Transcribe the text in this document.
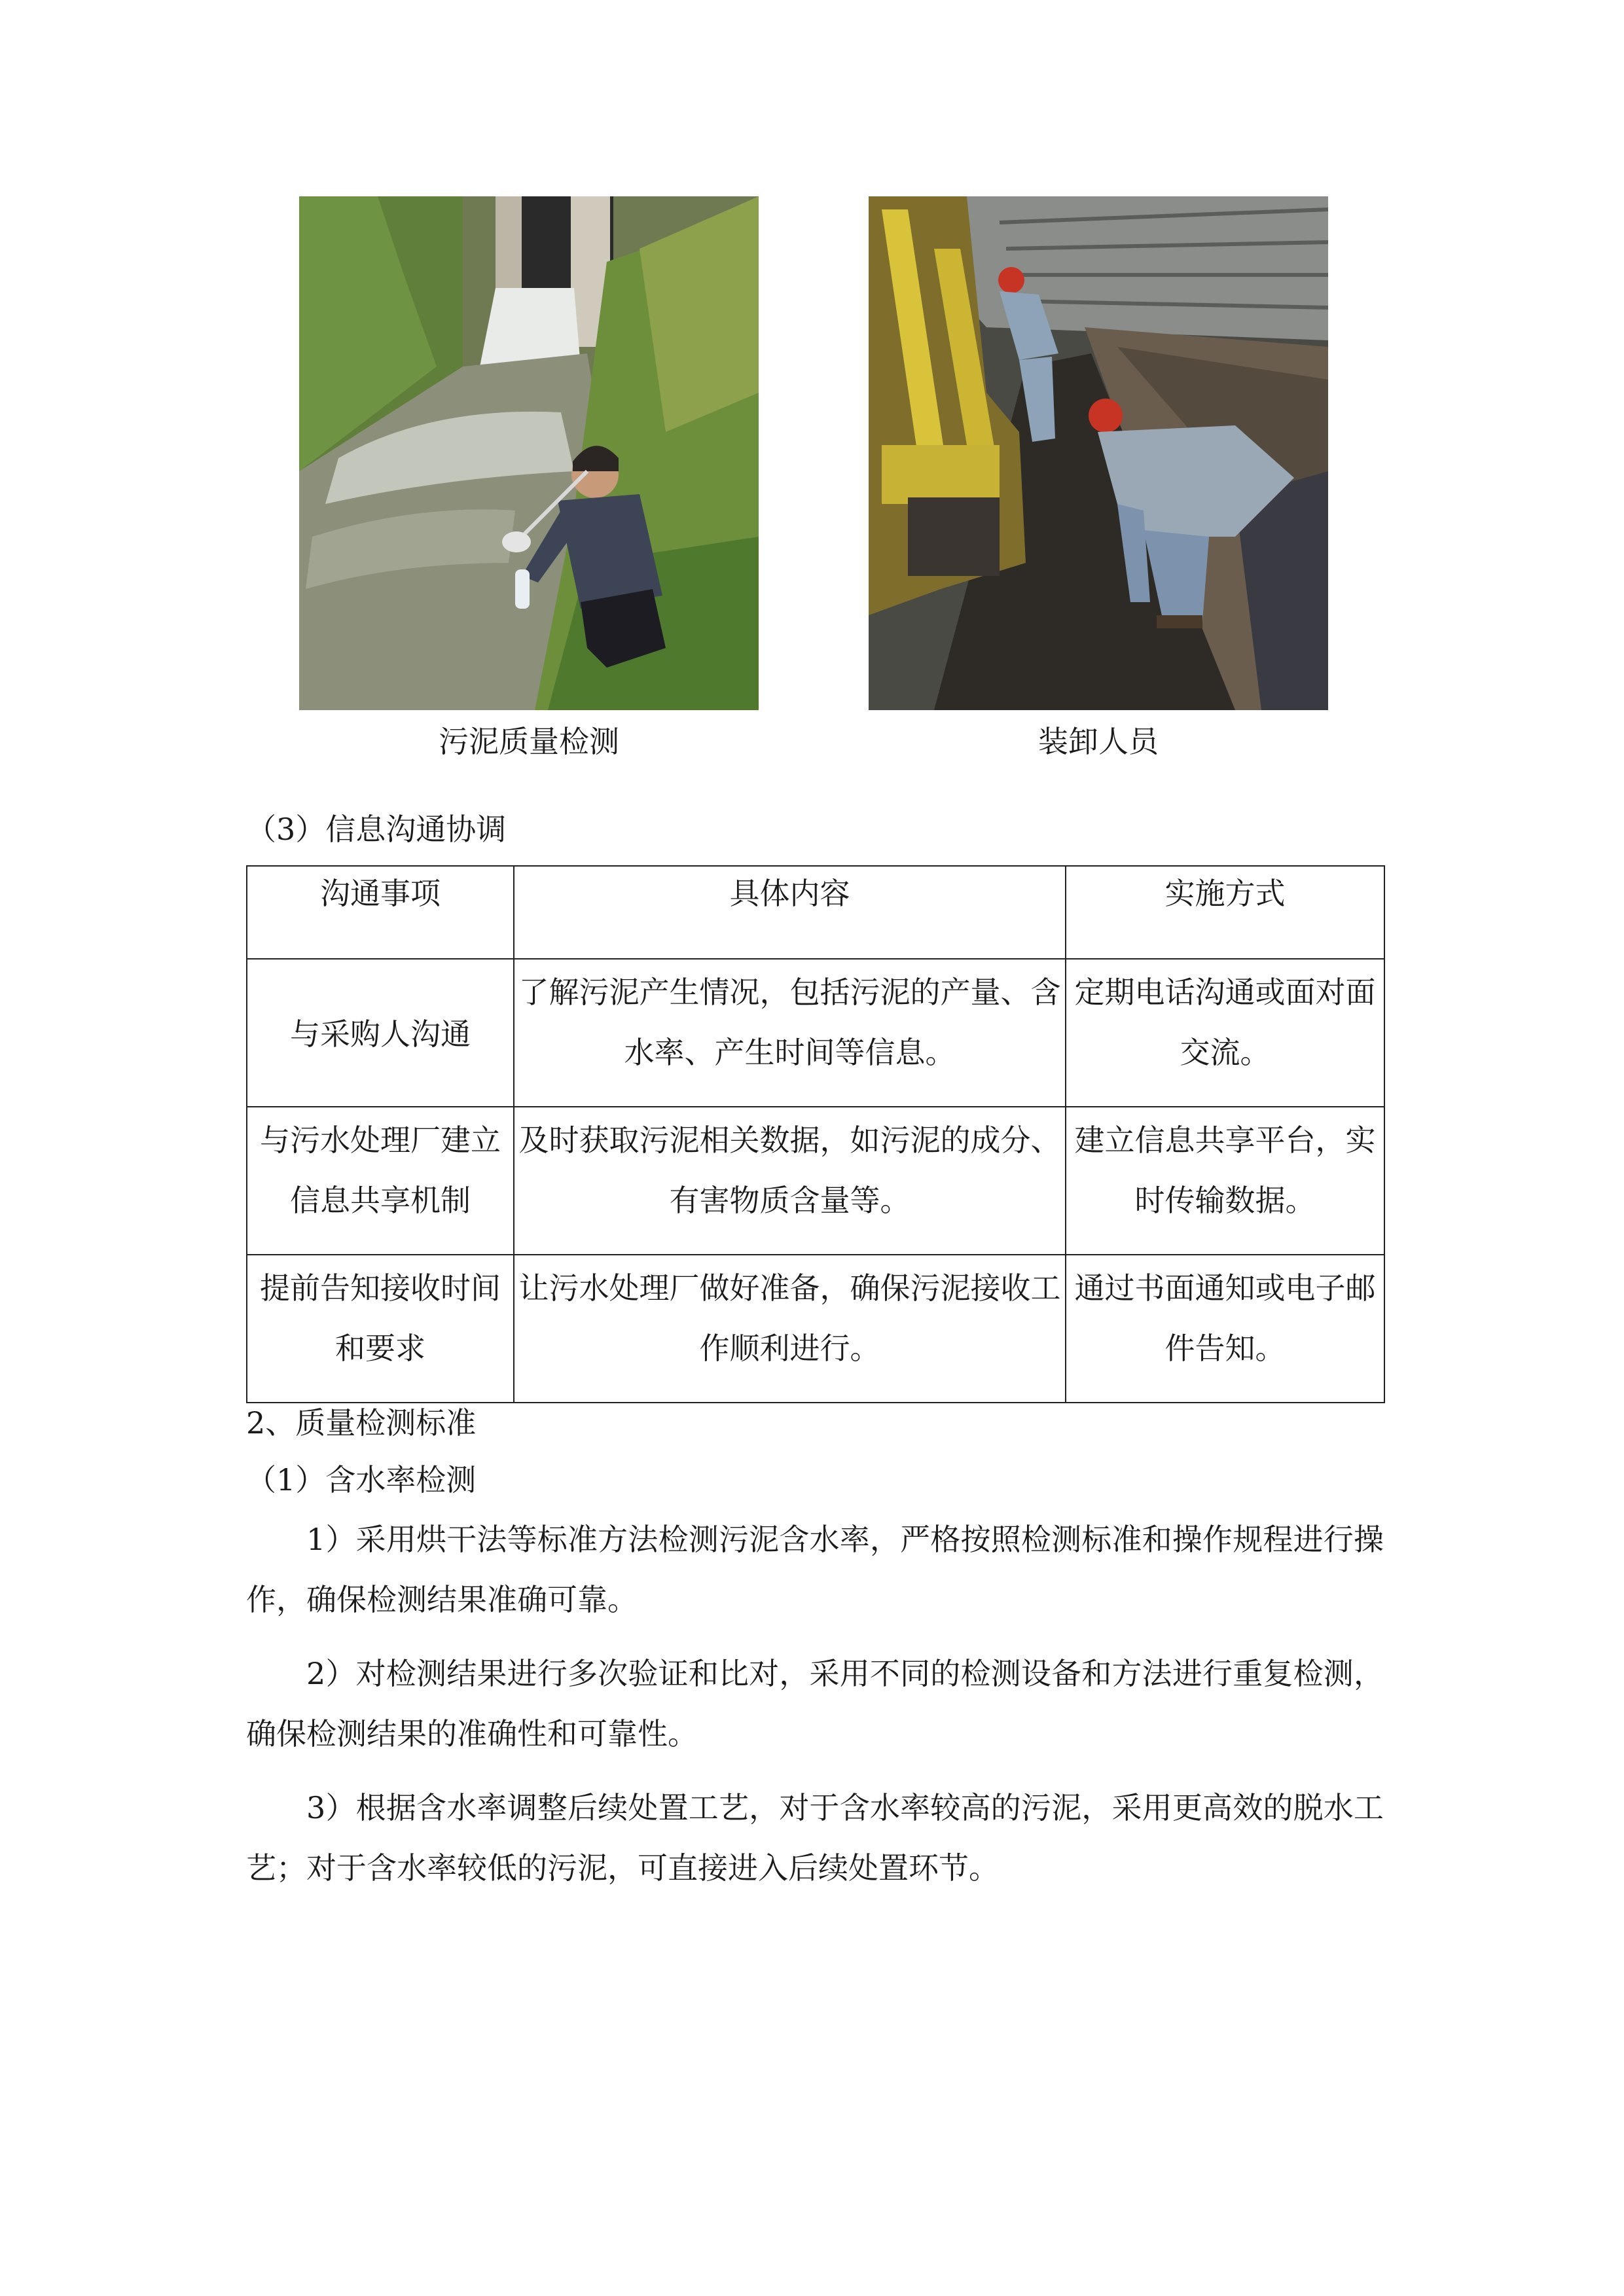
污泥质量检测	装卸人员
（3）信息沟通协调
沟通事项	具体内容	实施方式
与采购人沟通	了解污泥产生情况，包括污泥的产量、含水率、产生时间等信息。	定期电话沟通或面对面交流。
与污水处理厂建立信息共享机制	及时获取污泥相关数据，如污泥的成分、有害物质含量等。	建立信息共享平台，实时传输数据。
提前告知接收时间和要求	让污水处理厂做好准备，确保污泥接收工作顺利进行。	通过书面通知或电子邮件告知。
2、质量检测标准
（1）含水率检测
1）采用烘干法等标准方法检测污泥含水率，严格按照检测标准和操作规程进行操作，确保检测结果准确可靠。
2）对检测结果进行多次验证和比对，采用不同的检测设备和方法进行重复检测，确保检测结果的准确性和可靠性。
3）根据含水率调整后续处置工艺，对于含水率较高的污泥，采用更高效的脱水工艺；对于含水率较低的污泥，可直接进入后续处置环节。
